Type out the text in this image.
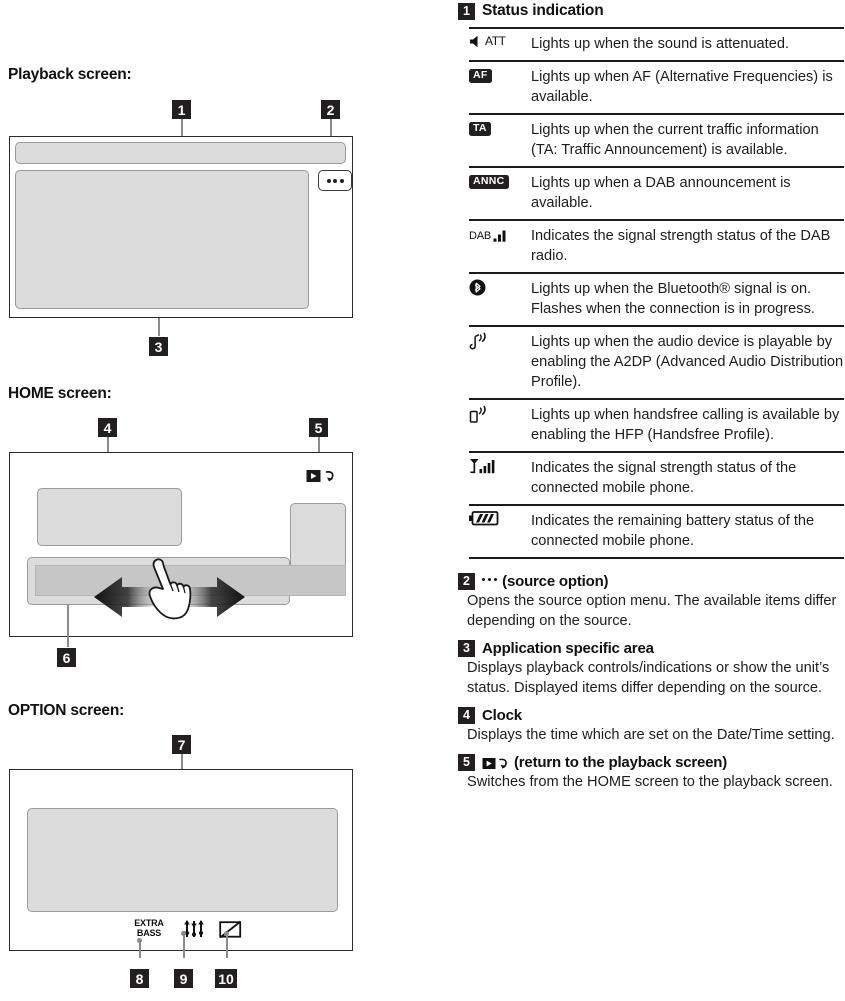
Playback screen:
1	2
3
HOME screen:
4	5
6
OPTION screen:
7
EXTRA
BASS
8	9	10
1 Status indication
ATT	Lights up when the sound is attenuated.
AF	Lights up when AF (Alternative Frequencies) is available.
TA	Lights up when the current traffic information (TA: Traffic Announcement) is available.
ANNC	Lights up when a DAB announcement is available.

DAB	Indicates the signal strength status of the DAB radio.
	Lights up when the Bluetooth® signal is on. Flashes when the connection is in progress.
	Lights up when the audio device is playable by enabling the A2DP (Advanced Audio Distribution Profile).
	Lights up when handsfree calling is available by enabling the HFP (Handsfree Profile).
	Indicates the signal strength status of the connected mobile phone.
	Indicates the remaining battery status of the connected mobile phone.
2	(source option)
Opens the source option menu. The available items differ depending on the source.
3 Application specific area
Displays playback controls/indications or show the unit’s status. Displayed items differ depending on the source.
4 Clock
Displays the time which are set on the Date/Time setting.
5	(return to the playback screen)
Switches from the HOME screen to the playback screen.
